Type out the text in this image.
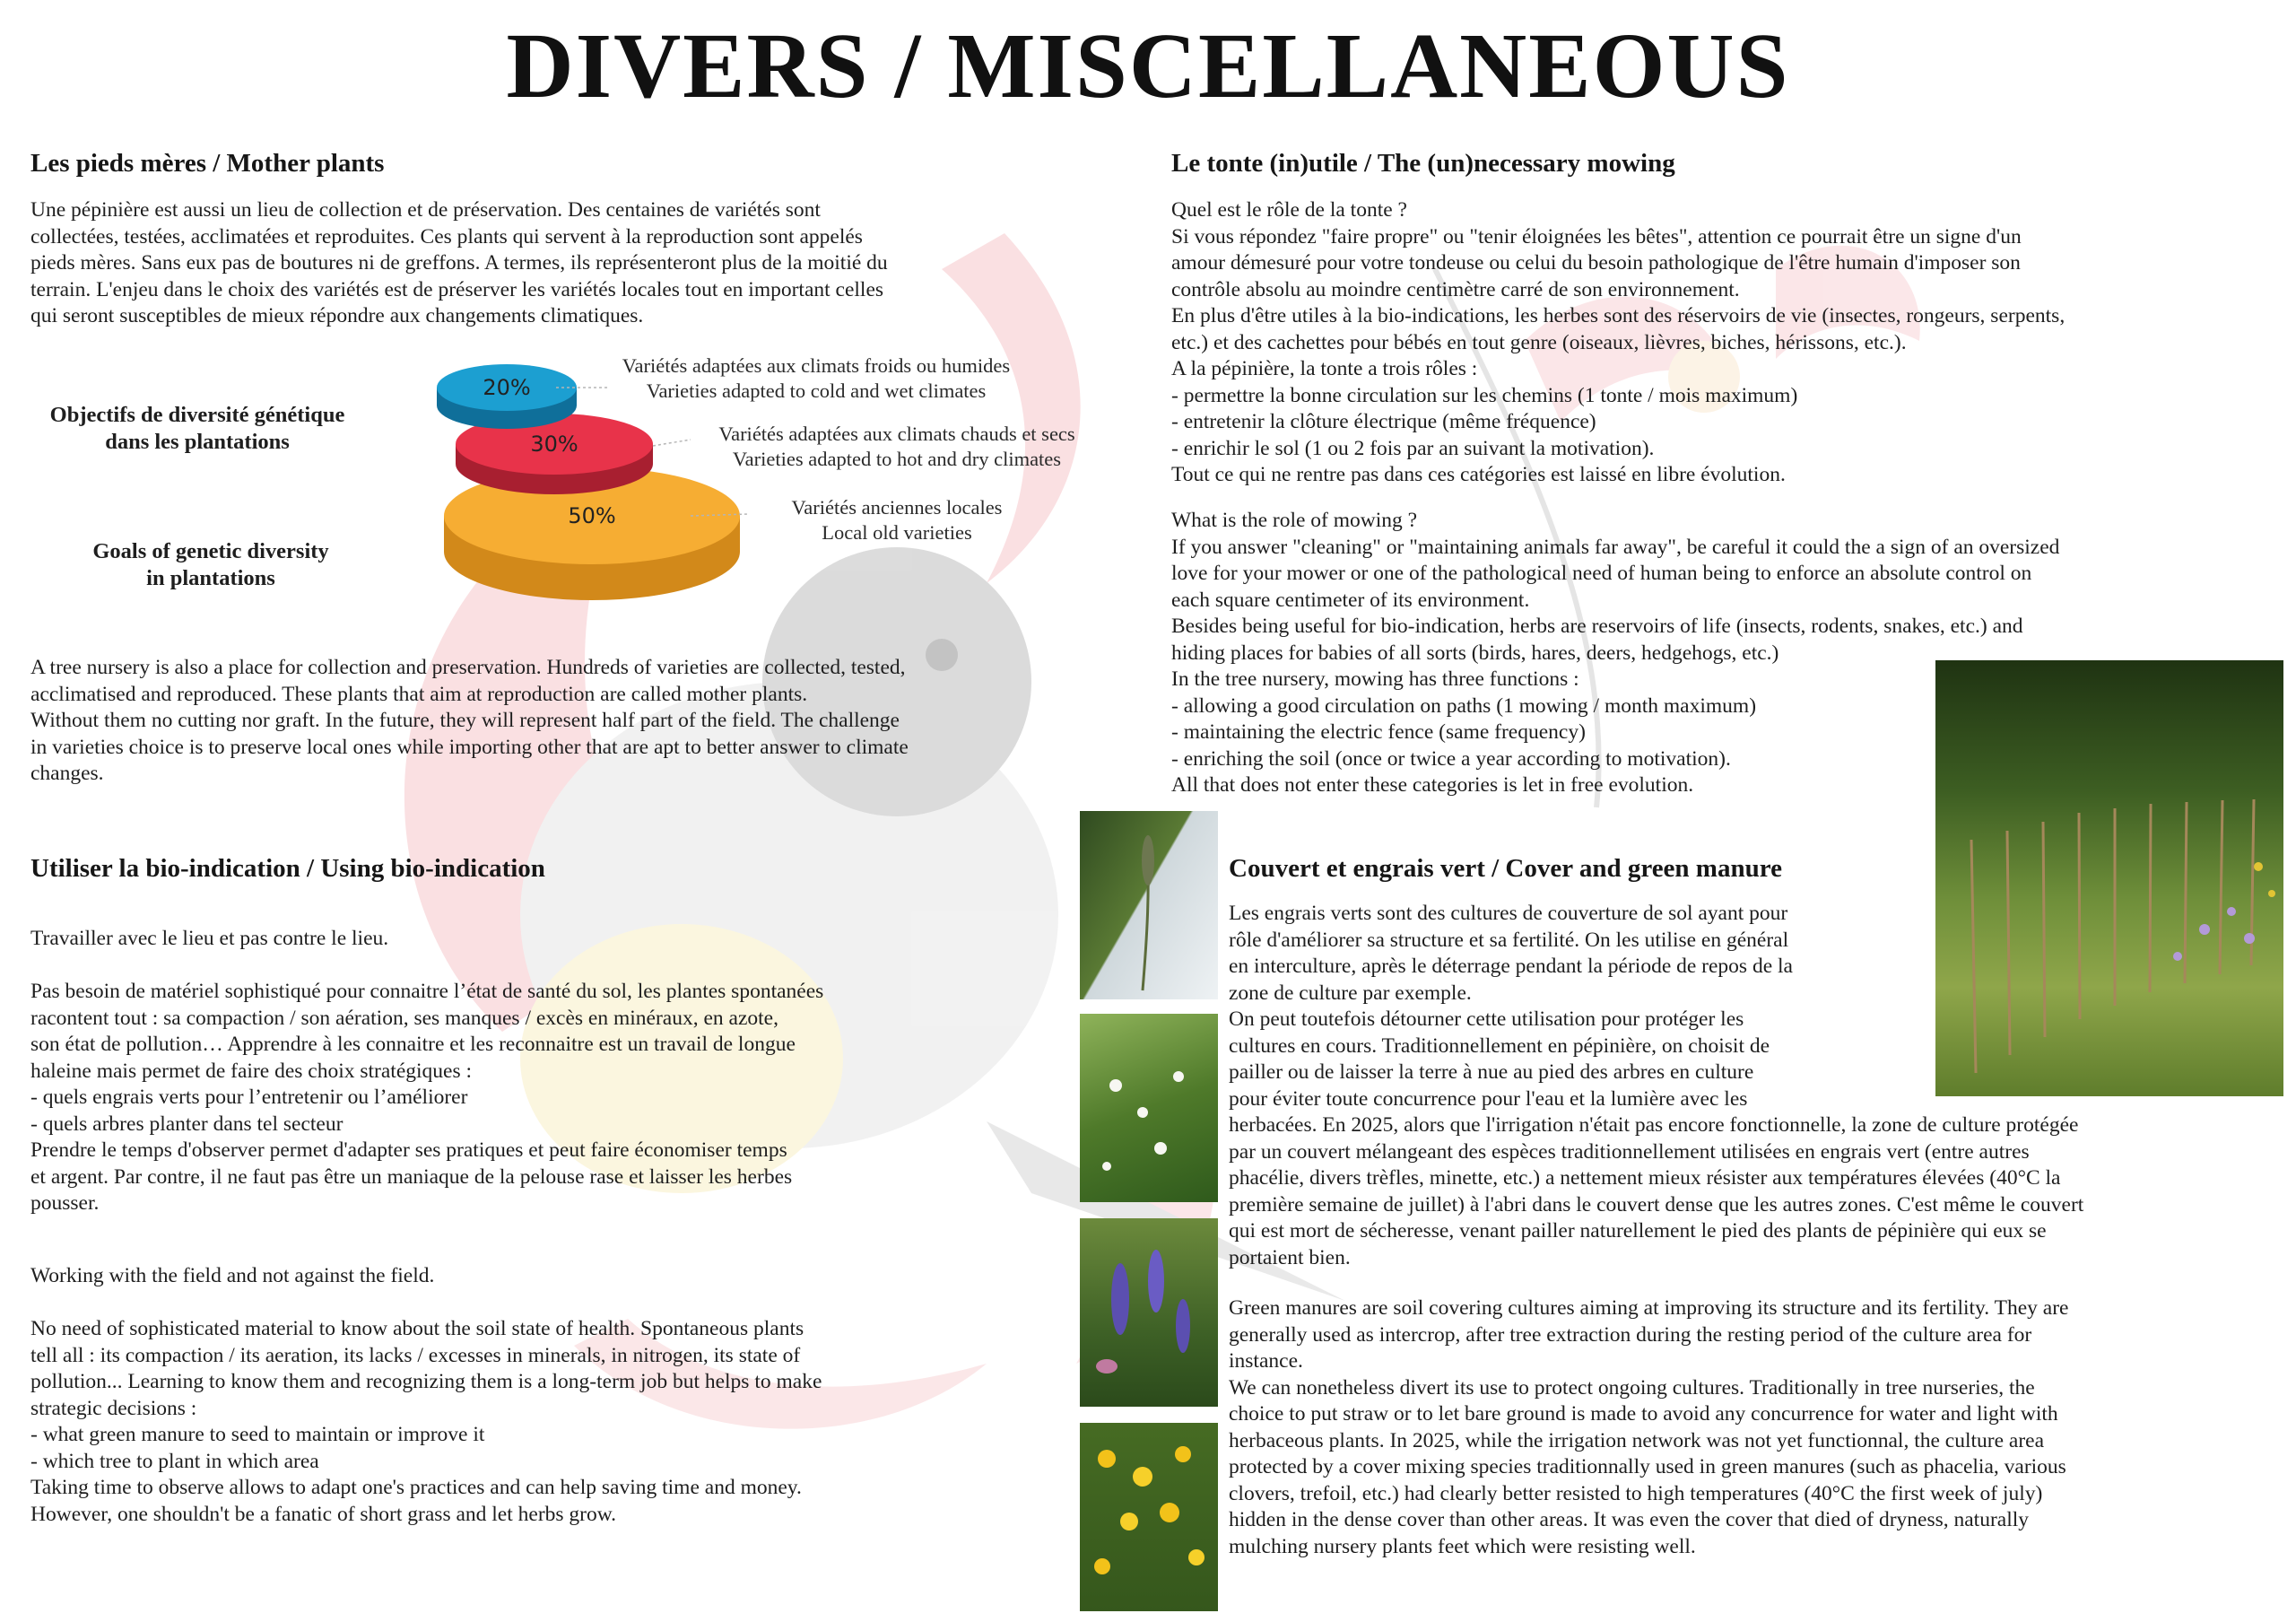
DIVERS / MISCELLANEOUS
Les pieds mères / Mother plants

Une pépinière est aussi un lieu de collection et de préservation. Des centaines de variétés sont
collectées, testées, acclimatées et reproduites. Ces plants qui servent à la reproduction sont appelés
pieds mères. Sans eux pas de boutures ni de greffons. A termes, ils représenteront plus de la moitié du
terrain. L'enjeu dans le choix des variétés est de préserver les variétés locales tout en important celles
qui seront susceptibles de mieux répondre aux changements climatiques.

Objectifs de diversité génétique
dans les plantations
Goals of genetic diversity
in plantations
50%
30%
20%
Variétés adaptées aux climats froids ou humides
Varieties adapted to cold and wet climates
Variétés adaptées aux climats chauds et secs
Varieties adapted to hot and dry climates
Variétés anciennes locales
Local old varieties

A tree nursery is also a place for collection and preservation. Hundreds of varieties are collected, tested,
acclimatised and reproduced. These plants that aim at reproduction are called mother plants.
Without them no cutting nor graft. In the future, they will represent half part of the field. The challenge
in varieties choice is to preserve local ones while importing other that are apt to better answer to climate
changes.

Utiliser la bio-indication / Using bio-indication

Travailler avec le lieu et pas contre le lieu.

Pas besoin de matériel sophistiqué pour connaitre l’état de santé du sol, les plantes spontanées
racontent tout : sa compaction / son aération, ses manques / excès en minéraux, en azote,
son état de pollution… Apprendre à les connaitre et les reconnaitre est un travail de longue
haleine mais permet de faire des choix stratégiques :
- quels engrais verts pour l’entretenir ou l’améliorer
- quels arbres planter dans tel secteur
Prendre le temps d'observer permet d'adapter ses pratiques et peut faire économiser temps
et argent. Par contre, il ne faut pas être un maniaque de la pelouse rase et laisser les herbes
pousser.

Working with the field and not against the field.

No need of sophisticated material to know about the soil state of health. Spontaneous plants
tell all : its compaction / its aeration, its lacks / excesses in minerals, in nitrogen, its state of
pollution... Learning to know them and recognizing them is a long-term job but helps to make
strategic decisions :
- what green manure to seed to maintain or improve it
- which tree to plant in which area
Taking time to observe allows to adapt one's practices and can help saving time and money.
However, one shouldn't be a fanatic of short grass and let herbs grow.

Le tonte (in)utile / The (un)necessary mowing

Quel est le rôle de la tonte ?
Si vous répondez "faire propre" ou "tenir éloignées les bêtes", attention ce pourrait être un signe d'un
amour démesuré pour votre tondeuse ou celui du besoin pathologique de l'être humain d'imposer son
contrôle absolu au moindre centimètre carré de son environnement.
En plus d'être utiles à la bio-indications, les herbes sont des réservoirs de vie (insectes, rongeurs, serpents,
etc.) et des cachettes pour bébés en tout genre (oiseaux, lièvres, biches, hérissons, etc.).
A la pépinière, la tonte a trois rôles :
- permettre la bonne circulation sur les chemins (1 tonte / mois maximum)
- entretenir la clôture électrique (même fréquence)
- enrichir le sol (1 ou 2 fois par an suivant la motivation).
Tout ce qui ne rentre pas dans ces catégories est laissé en libre évolution.

What is the role of mowing ?
If you answer "cleaning" or "maintaining animals far away", be careful it could the a sign of an oversized
love for your mower or one of the pathological need of human being to enforce an absolute control on
each square centimeter of its environment.
Besides being useful for bio-indication, herbs are reservoirs of life (insects, rodents, snakes, etc.) and
hiding places for babies of all sorts (birds, hares, deers, hedgehogs, etc.)
In the tree nursery, mowing has three functions :
- allowing a good circulation on paths (1 mowing / month maximum)
- maintaining the electric fence (same frequency)
- enriching the soil (once or twice a year according to motivation).
All that does not enter these categories is let in free evolution.

Couvert et engrais vert / Cover and green manure

Les engrais verts sont des cultures de couverture de sol ayant pour
rôle d'améliorer sa structure et sa fertilité. On les utilise en général
en interculture, après le déterrage pendant la période de repos de la
zone de culture par exemple.
On peut toutefois détourner cette utilisation pour protéger les
cultures en cours. Traditionnellement en pépinière, on choisit de
pailler ou de laisser la terre à nue au pied des arbres en culture
pour éviter toute concurrence pour l'eau et la lumière avec les

herbacées. En 2025, alors que l'irrigation n'était pas encore fonctionnelle, la zone de culture protégée
par un couvert mélangeant des espèces traditionnellement utilisées en engrais vert (entre autres
phacélie, divers trèfles, minette, etc.) a nettement mieux résister aux températures élevées (40°C la
première semaine de juillet) à l'abri dans le couvert dense que les autres zones. C'est même le couvert
qui est mort de sécheresse, venant pailler naturellement le pied des plants de pépinière qui eux se
portaient bien.

Green manures are soil covering cultures aiming at improving its structure and its fertility. They are
generally used as intercrop, after tree extraction during the resting period of the culture area for
instance.
We can nonetheless divert its use to protect ongoing cultures. Traditionally in tree nurseries, the
choice to put straw or to let bare ground is made to avoid any concurrence for water and light with
herbaceous plants. In 2025, while the irrigation network was not yet functionnal, the culture area
protected by a cover mixing species traditionnally used in green manures (such as phacelia, various
clovers, trefoil, etc.) had clearly better resisted to high temperatures (40°C the first week of july)
hidden in the dense cover than other areas. It was even the cover that died of dryness, naturally
mulching nursery plants feet which were resisting well.
